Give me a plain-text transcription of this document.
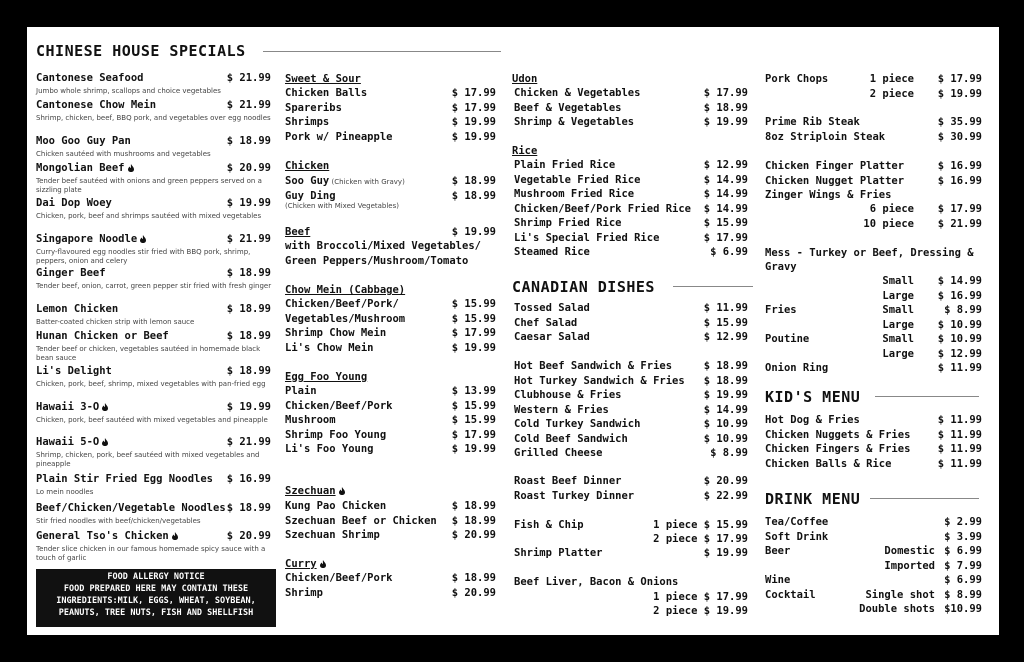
CHINESE HOUSE SPECIALS
Cantonese Seafood	$ 21.99
Jumbo whole shrimp, scallops and choice vegetables
Cantonese Chow Mein	$ 21.99
Shrimp, chicken, beef, BBQ pork, and vegetables over egg noodles
Moo Goo Guy Pan	$ 18.99
Chicken sautéed with mushrooms and vegetables
Mongolian Beef	$ 20.99
Tender beef sautéed with onions and green peppers served on a sizzling plate
Dai Dop Woey	$ 19.99
Chicken, pork, beef and shrimps sautéed with mixed vegetables
Singapore Noodle	$ 21.99
Curry-flavoured egg noodles stir fried with BBQ pork, shrimp, peppers, onion and celery
Ginger Beef	$ 18.99
Tender beef, onion, carrot, green pepper stir fried with fresh ginger
Lemon Chicken	$ 18.99
Batter-coated chicken strip with lemon sauce
Hunan Chicken or Beef	$ 18.99
Tender beef or chicken, vegetables sautéed in homemade black bean sauce
Li's Delight	$ 18.99
Chicken, pork, beef, shrimp, mixed vegetables with pan-fried egg
Hawaii 3-O	$ 19.99
Chicken, pork, beef sautéed with mixed vegetables and pineapple
Hawaii 5-O	$ 21.99
Shrimp, chicken, pork, beef sautéed with mixed vegetables and pineapple
Plain Stir Fried Egg Noodles	$ 16.99
Lo mein noodles
Beef/Chicken/Vegetable Noodles $ 18.99
Stir fried noodles with beef/chicken/vegetables
General Tso's Chicken	$ 20.99
Tender slice chicken in our famous homemade spicy sauce with a touch of garlic
FOOD ALLERGY NOTICE
FOOD PREPARED HERE MAY CONTAIN THESE
INGREDIENTS:MILK, EGGS, WHEAT, SOYBEAN,
PEANUTS, TREE NUTS, FISH AND SHELLFISH
Sweet & Sour
Chicken Balls	$ 17.99
Spareribs	$ 17.99
Shrimps	$ 19.99
Pork w/ Pineapple	$ 19.99
Chicken
Soo Guy (Chicken with Gravy)	$ 18.99
Guy Ding	$ 18.99
(Chicken with Mixed Vegetables)
Beef	$ 19.99
with Broccoli/Mixed Vegetables/
Green Peppers/Mushroom/Tomato
Chow Mein (Cabbage)
Chicken/Beef/Pork/	$ 15.99
Vegetables/Mushroom	$ 15.99
Shrimp Chow Mein	$ 17.99
Li's Chow Mein	$ 19.99
Egg Foo Young
Plain	$ 13.99
Chicken/Beef/Pork	$ 15.99
Mushroom	$ 15.99
Shrimp Foo Young	$ 17.99
Li's Foo Young	$ 19.99
Szechuan
Kung Pao Chicken	$ 18.99
Szechuan Beef or Chicken	$ 18.99
Szechuan Shrimp	$ 20.99
Curry
Chicken/Beef/Pork	$ 18.99
Shrimp	$ 20.99
Udon
Chicken & Vegetables	$ 17.99
Beef & Vegetables	$ 18.99
Shrimp & Vegetables	$ 19.99
Rice
Plain Fried Rice	$ 12.99
Vegetable Fried Rice	$ 14.99
Mushroom Fried Rice	$ 14.99
Chicken/Beef/Pork Fried Rice	$ 14.99
Shrimp Fried Rice	$ 15.99
Li's Special Fried Rice	$ 17.99
Steamed Rice	$ 6.99
CANADIAN DISHES
Tossed Salad	$ 11.99
Chef Salad	$ 15.99
Caesar Salad	$ 12.99
Hot Beef Sandwich & Fries	$ 18.99
Hot Turkey Sandwich & Fries	$ 18.99
Clubhouse & Fries	$ 19.99
Western & Fries	$ 14.99
Cold Turkey Sandwich	$ 10.99
Cold Beef Sandwich	$ 10.99
Grilled Cheese	$ 8.99
Roast Beef Dinner	$ 20.99
Roast Turkey Dinner	$ 22.99
Fish & Chip	1 piece $ 15.99
2 piece $ 17.99
Shrimp Platter	$ 19.99
Beef Liver, Bacon & Onions
1 piece $ 17.99
2 piece $ 19.99
Pork Chops	1 piece	$ 17.99
2 piece	$ 19.99
Prime Rib Steak	$ 35.99
8oz Striploin Steak	$ 30.99
Chicken Finger Platter	$ 16.99
Chicken Nugget Platter	$ 16.99
Zinger Wings & Fries
6 piece	$ 17.99
10 piece	$ 21.99
Mess - Turkey or Beef, Dressing &
Gravy
Small	$ 14.99
Large	$ 16.99
Fries	Small	$ 8.99
Large	$ 10.99
Poutine	Small	$ 10.99
Large	$ 12.99
Onion Ring	$ 11.99
KID'S MENU
Hot Dog & Fries	$ 11.99
Chicken Nuggets & Fries	$ 11.99
Chicken Fingers & Fries	$ 11.99
Chicken Balls & Rice	$ 11.99
DRINK MENU
Tea/Coffee	$ 2.99
Soft Drink	$ 3.99
Beer	Domestic $ 6.99
Imported $ 7.99
Wine	$ 6.99
Cocktail	Single shot $ 8.99
Double shots $10.99
